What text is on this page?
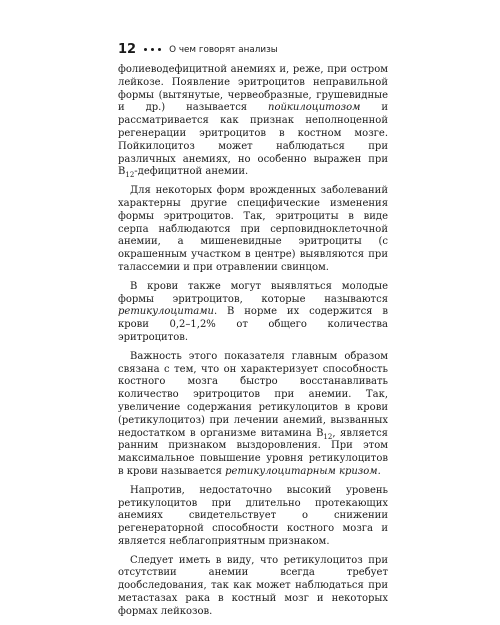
12	О чем говорят анализы

фолиеводефицитной анемиях и, реже, при остром лейкозе. Появление эритроцитов неправильной формы (вытянутые, червеобразные, грушевидные и др.) называется пойкилоцитозом и рассматривается как признак неполноценной регенерации эритроцитов в костном мозге. Пойкилоцитоз может наблюдаться при различных анемиях, но особенно выражен при $B_{12}$-дефицитной анемии.

Для некоторых форм врожденных заболеваний характерны другие специфические изменения формы эритроцитов. Так, эритроциты в виде серпа наблюдаются при серповидноклеточной анемии, а мишеневидные эритроциты (с окрашенным участком в центре) выявляются при талассемии и при отравлении свинцом.

В крови также могут выявляться молодые формы эритроцитов, которые называются ретикулоцитами. В норме их содержится в крови 0,2–1,2% от общего количества эритроцитов.

Важность этого показателя главным образом связана с тем, что он характеризует способность костного мозга быстро восстанавливать количество эритроцитов при анемии. Так, увеличение содержания ретикулоцитов в крови (ретикулоцитоз) при лечении анемий, вызванных недостатком в организме витамина $B_{12}$, является ранним признаком выздоровления. При этом максимальное повышение уровня ретикулоцитов в крови называется ретикулоцитарным кризом.

Напротив, недостаточно высокий уровень ретикулоцитов при длительно протекающих анемиях свидетельствует о снижении регенераторной способности костного мозга и является неблагоприятным признаком.

Следует иметь в виду, что ретикулоцитоз при отсутствии анемии всегда требует дообследования, так как может наблюдаться при метастазах рака в костный мозг и некоторых формах лейкозов.
